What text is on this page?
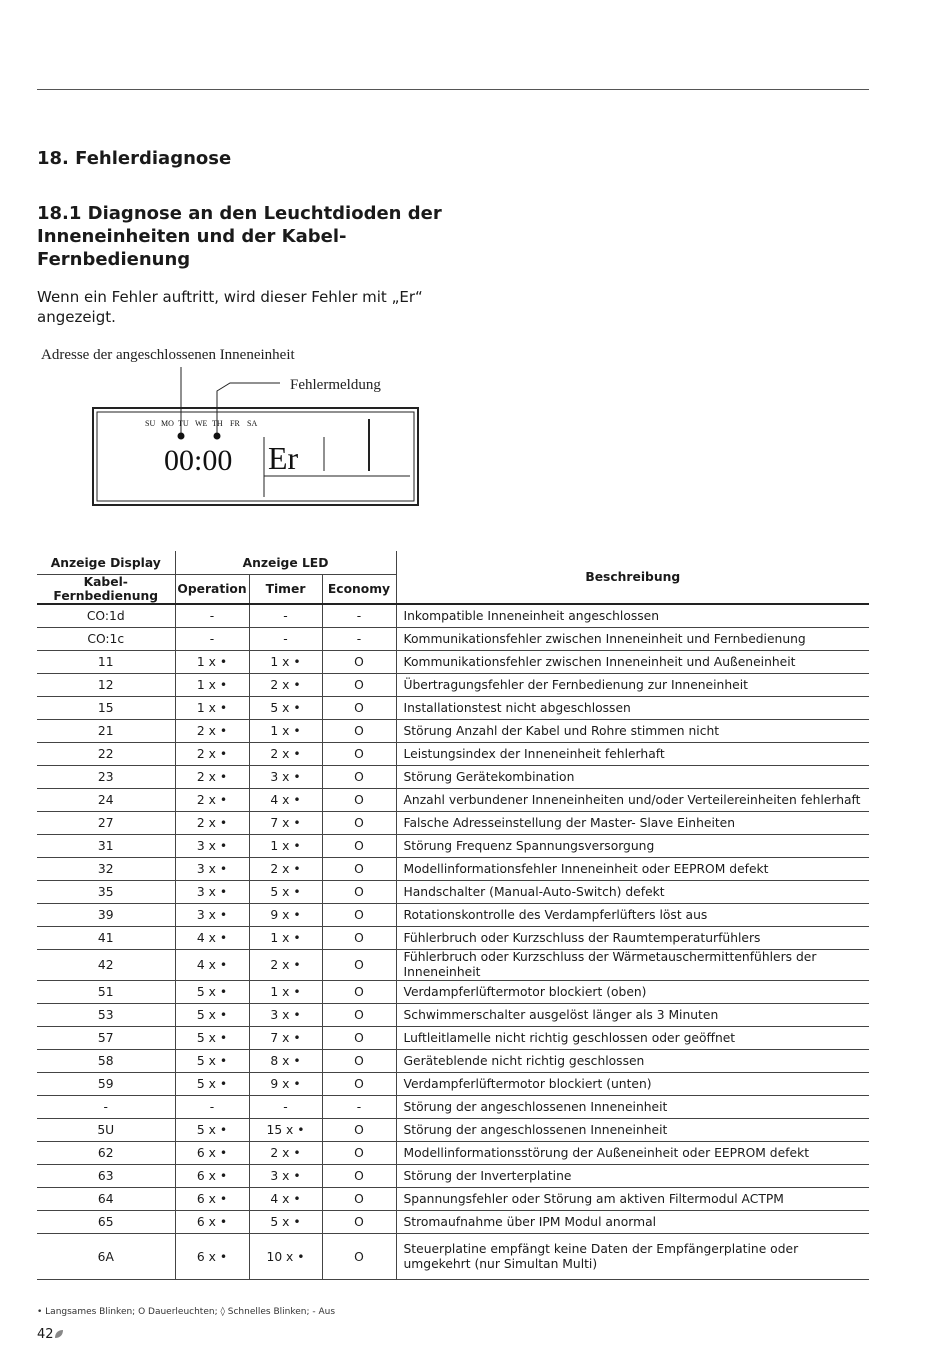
18. Fehlerdiagnose
18.1 Diagnose an den Leuchtdioden der Inneneinheiten und der Kabel-Fernbedienung

Wenn ein Fehler auftritt, wird dieser Fehler mit „Er“ angezeigt.

Adresse der angeschlossenen Inneneinheit
Fehlermeldung
SU MO TU WE TH FR SA
00:00 Er
Anzeige Display	Anzeige LED			Beschreibung
Kabel-Fernbedienung	Operation	Timer	Economy	
CO:1d	-	-	-	Inkompatible Inneneinheit angeschlossen
CO:1c	-	-	-	Kommunikationsfehler zwischen Inneneinheit und Fernbedienung
11	1 x •	1 x •	O	Kommunikationsfehler zwischen Inneneinheit und Außeneinheit
12	1 x •	2 x •	O	Übertragungsfehler der Fernbedienung zur Inneneinheit
15	1 x •	5 x •	O	Installationstest nicht abgeschlossen
21	2 x •	1 x •	O	Störung Anzahl der Kabel und Rohre stimmen nicht
22	2 x •	2 x •	O	Leistungsindex der Inneneinheit fehlerhaft
23	2 x •	3 x •	O	Störung Gerätekombination
24	2 x •	4 x •	O	Anzahl verbundener Inneneinheiten und/oder Verteilereinheiten fehlerhaft
27	2 x •	7 x •	O	Falsche Adresseinstellung der Master- Slave Einheiten
31	3 x •	1 x •	O	Störung Frequenz Spannungsversorgung
32	3 x •	2 x •	O	Modellinformationsfehler Inneneinheit oder EEPROM defekt
35	3 x •	5 x •	O	Handschalter (Manual-Auto-Switch) defekt
39	3 x •	9 x •	O	Rotationskontrolle des Verdampferlüfters löst aus
41	4 x •	1 x •	O	Fühlerbruch oder Kurzschluss der Raumtemperaturfühlers
42	4 x •	2 x •	O	Fühlerbruch oder Kurzschluss der Wärmetauschermittenfühlers der Inneneinheit
51	5 x •	1 x •	O	Verdampferlüftermotor blockiert (oben)
53	5 x •	3 x •	O	Schwimmerschalter ausgelöst länger als 3 Minuten
57	5 x •	7 x •	O	Luftleitlamelle nicht richtig geschlossen oder geöffnet
58	5 x •	8 x •	O	Geräteblende nicht richtig geschlossen
59	5 x •	9 x •	O	Verdampferlüftermotor blockiert (unten)
-	-	-	-	Störung der angeschlossenen Inneneinheit
5U	5 x •	15 x •	O	Störung der angeschlossenen Inneneinheit
62	6 x •	2 x •	O	Modellinformationsstörung der Außeneinheit oder EEPROM defekt
63	6 x •	3 x •	O	Störung der Inverterplatine
64	6 x •	4 x •	O	Spannungsfehler oder Störung am aktiven Filtermodul ACTPM
65	6 x •	5 x •	O	Stromaufnahme über IPM Modul anormal
6A	6 x •	10 x •	O	Steuerplatine empfängt keine Daten der Empfängerplatine oder umgekehrt (nur Simultan Multi)
• Langsames Blinken; O Dauerleuchten; ◊ Schnelles Blinken; - Aus
42
